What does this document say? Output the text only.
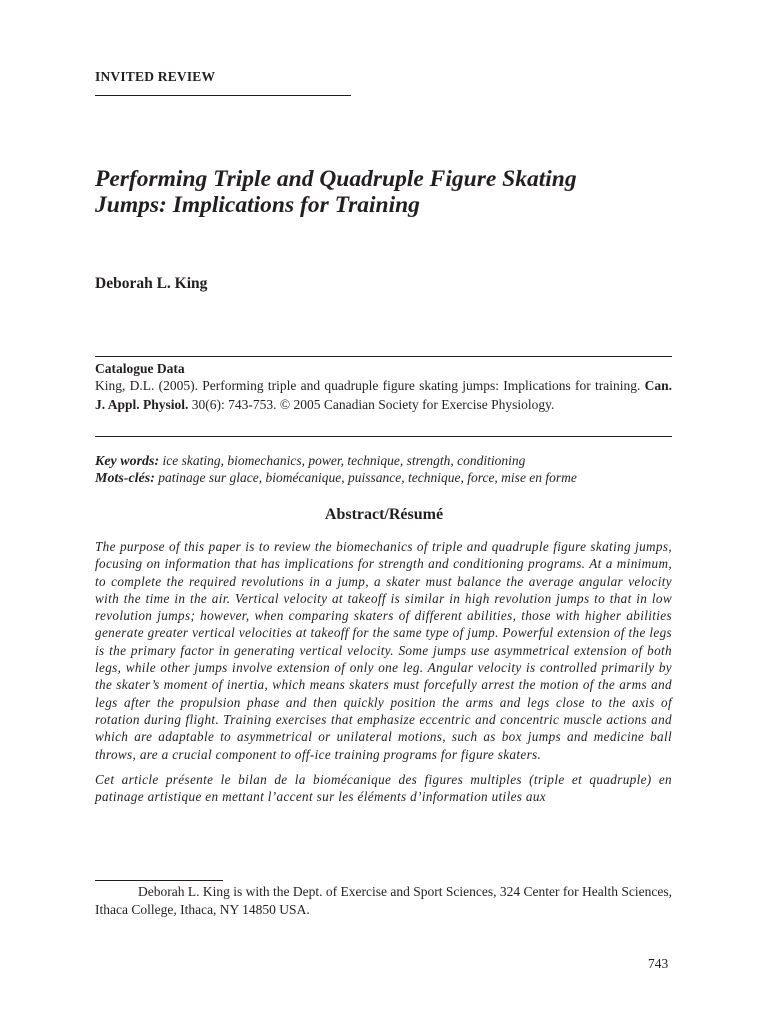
INVITED REVIEW
Performing Triple and Quadruple Figure Skating
Jumps: Implications for Training
Deborah L. King
Catalogue Data
King, D.L. (2005). Performing triple and quadruple figure skating jumps: Implications for training. Can. J. Appl. Physiol. 30(6): 743-753. © 2005 Canadian Society for Exercise Physiology.
Key words: ice skating, biomechanics, power, technique, strength, conditioning
Mots-clés: patinage sur glace, biomécanique, puissance, technique, force, mise en forme
Abstract/Résumé

The purpose of this paper is to review the biomechanics of triple and quadruple figure skating jumps, focusing on information that has implications for strength and conditioning programs. At a minimum, to complete the required revolutions in a jump, a skater must balance the average angular velocity with the time in the air. Vertical velocity at takeoff is similar in high revolution jumps to that in low revolution jumps; however, when comparing skaters of different abilities, those with higher abilities generate greater vertical velocities at takeoff for the same type of jump. Powerful extension of the legs is the primary factor in generating vertical velocity. Some jumps use asymmetrical extension of both legs, while other jumps involve extension of only one leg. Angular velocity is controlled primarily by the skater’s moment of inertia, which means skaters must forcefully arrest the motion of the arms and legs after the propulsion phase and then quickly position the arms and legs close to the axis of rotation during flight. Training exercises that emphasize eccentric and concentric muscle actions and which are adaptable to asymmetrical or unilateral motions, such as box jumps and medicine ball throws, are a crucial component to off-ice training programs for figure skaters.

Cet article présente le bilan de la biomécanique des figures multiples (triple et quadruple) en patinage artistique en mettant l’accent sur les éléments d’information utiles aux

Deborah L. King is with the Dept. of Exercise and Sport Sciences, 324 Center for Health Sciences, Ithaca College, Ithaca, NY 14850 USA.
743
